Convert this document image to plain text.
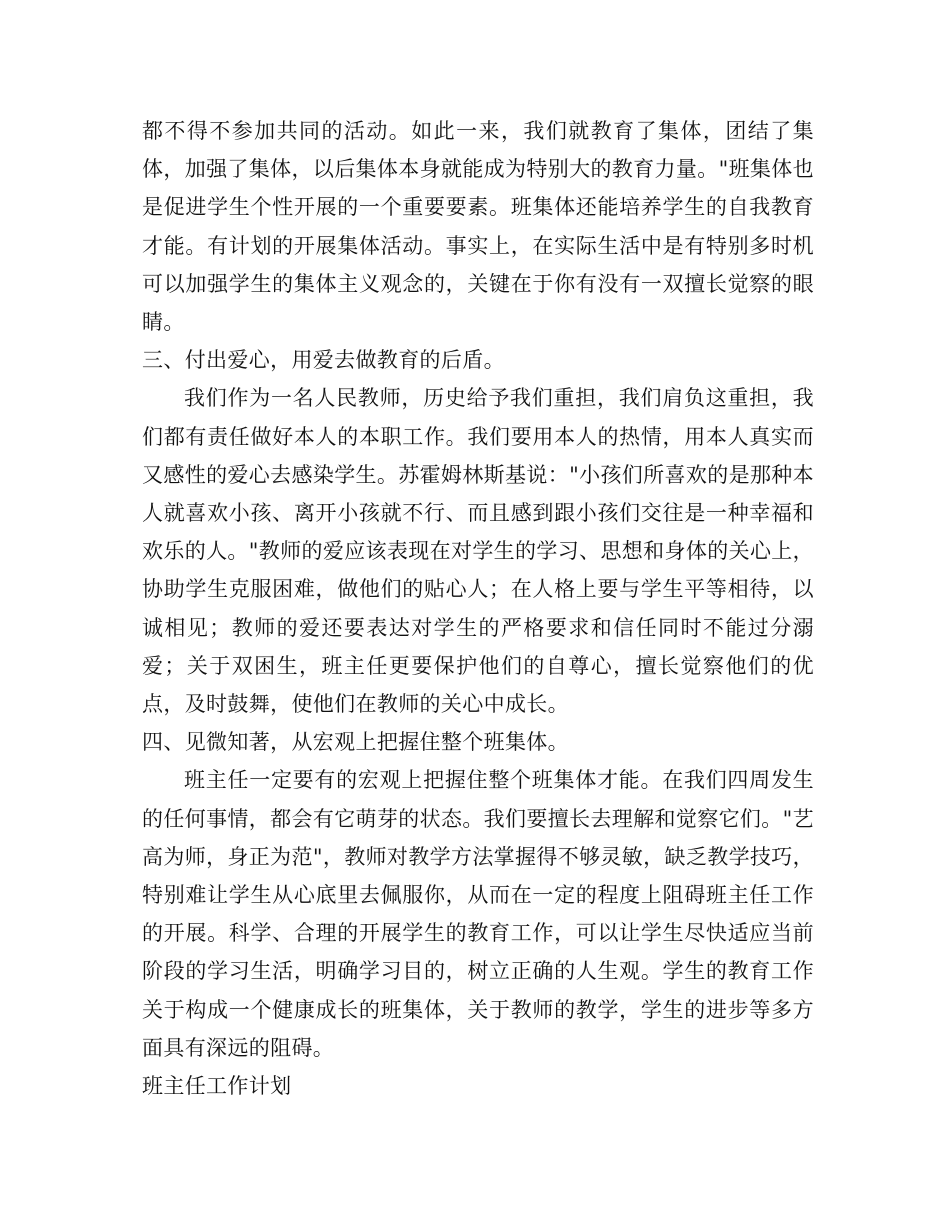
都不得不参加共同的活动。如此一来，我们就教育了集体，团结了集体，加强了集体，以后集体本身就能成为特别大的教育力量。"班集体也是促进学生个性开展的一个重要要素。班集体还能培养学生的自我教育才能。有计划的开展集体活动。事实上，在实际生活中是有特别多时机可以加强学生的集体主义观念的，关键在于你有没有一双擅长觉察的眼睛。

三、付出爱心，用爱去做教育的后盾。

我们作为一名人民教师，历史给予我们重担，我们肩负这重担，我们都有责任做好本人的本职工作。我们要用本人的热情，用本人真实而又感性的爱心去感染学生。苏霍姆林斯基说："小孩们所喜欢的是那种本人就喜欢小孩、离开小孩就不行、而且感到跟小孩们交往是一种幸福和欢乐的人。"教师的爱应该表现在对学生的学习、思想和身体的关心上，协助学生克服困难，做他们的贴心人；在人格上要与学生平等相待，以诚相见；教师的爱还要表达对学生的严格要求和信任同时不能过分溺爱；关于双困生，班主任更要保护他们的自尊心，擅长觉察他们的优点，及时鼓舞，使他们在教师的关心中成长。

四、见微知著，从宏观上把握住整个班集体。

班主任一定要有的宏观上把握住整个班集体才能。在我们四周发生的任何事情，都会有它萌芽的状态。我们要擅长去理解和觉察它们。"艺高为师，身正为范"，教师对教学方法掌握得不够灵敏，缺乏教学技巧，特别难让学生从心底里去佩服你，从而在一定的程度上阻碍班主任工作的开展。科学、合理的开展学生的教育工作，可以让学生尽快适应当前阶段的学习生活，明确学习目的，树立正确的人生观。学生的教育工作关于构成一个健康成长的班集体，关于教师的教学，学生的进步等多方面具有深远的阻碍。

班主任工作计划
